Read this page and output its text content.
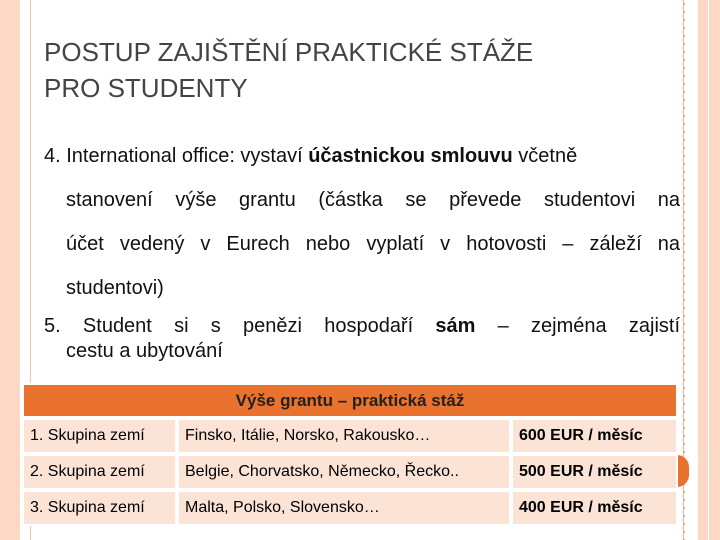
POSTUP ZAJIŠTĚNÍ PRAKTICKÉ STÁŽE
PRO STUDENTY
4. International office: vystaví účastnickou smlouvu včetně
stanovení výše grantu (částka se převede studentovi na
účet vedený v Eurech nebo vyplatí v hotovosti – záleží na
studentovi)
5. Student si s penězi hospodaří sám – zejména zajistí
cestu a ubytování
Výše grantu – praktická stáž		
1. Skupina zemí	Finsko, Itálie, Norsko, Rakousko…	600 EUR / měsíc
2. Skupina zemí	Belgie, Chorvatsko, Německo, Řecko..	500 EUR / měsíc
3. Skupina zemí	Malta, Polsko, Slovensko…	400 EUR / měsíc
